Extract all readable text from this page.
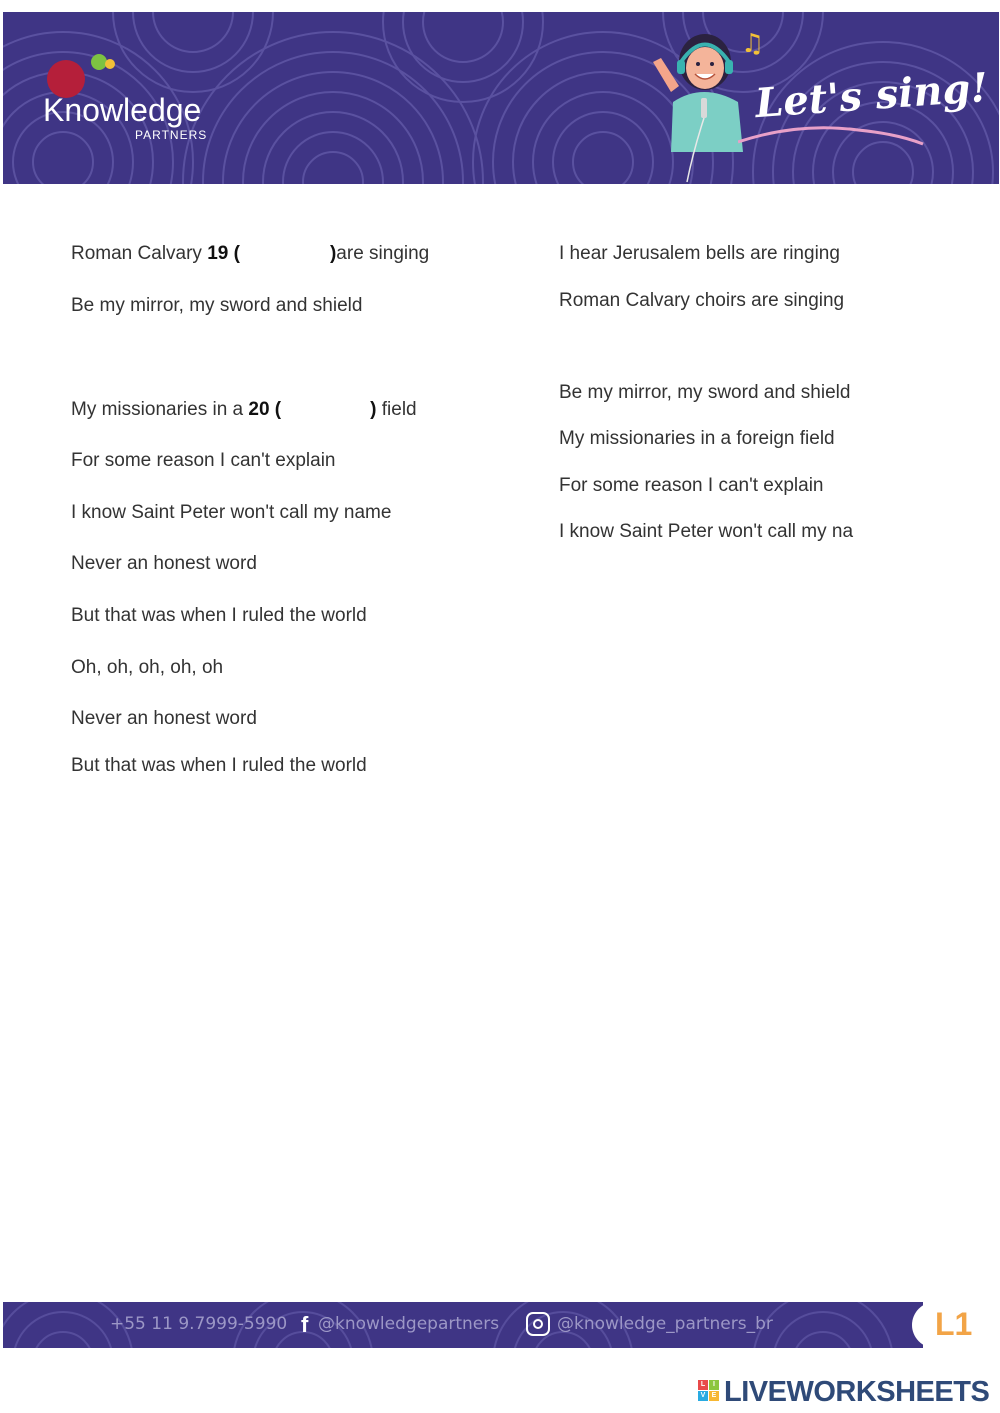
Knowledge
PARTNERS
♫
Let's sing!
Roman Calvary 19 (	)are singing
Be my mirror, my sword and shield
My missionaries in a 20 (	) field
For some reason I can't explain
I know Saint Peter won't call my name
Never an honest word
But that was when I ruled the world
Oh, oh, oh, oh, oh
Never an honest word
But that was when I ruled the world
I hear Jerusalem bells are ringing
Roman Calvary choirs are singing
Be my mirror, my sword and shield
My missionaries in a foreign field
For some reason I can't explain
I know Saint Peter won't call my na
+55 11 9.7999-5990 f @knowledgepartners	@knowledge_partners_br	L1
L	I
V E LIVEWORKSHEETS
